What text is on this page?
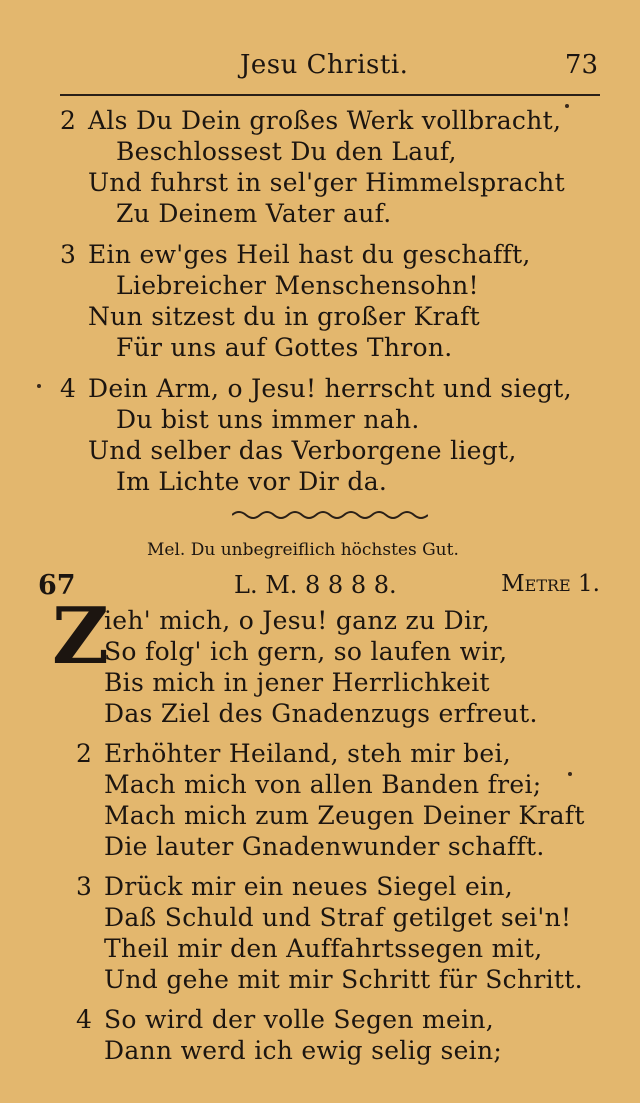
Jesu Christi.	73
2 Als Du Dein großes Werk vollbracht,
Beschlossest Du den Lauf,
Und fuhrst in sel'ger Himmelspracht
Zu Deinem Vater auf.
3 Ein ew'ges Heil hast du geschafft,
Liebreicher Menschensohn!
Nun sitzest du in großer Kraft
Für uns auf Gottes Thron.
4 Dein Arm, o Jesu! herrscht und siegt,
Du bist uns immer nah.
Und selber das Verborgene liegt,
Im Lichte vor Dir da.
Mel. Du unbegreiflich höchstes Gut.
67	L. M. 8 8 8 8.	Metre 1.
Z
ieh' mich, o Jesu! ganz zu Dir,
So folg' ich gern, so laufen wir,
Bis mich in jener Herrlichkeit
Das Ziel des Gnadenzugs erfreut.
2 Erhöhter Heiland, steh mir bei,
Mach mich von allen Banden frei;
Mach mich zum Zeugen Deiner Kraft
Die lauter Gnadenwunder schafft.
3 Drück mir ein neues Siegel ein,
Daß Schuld und Straf getilget sei'n!
Theil mir den Auffahrtssegen mit,
Und gehe mit mir Schritt für Schritt.
4 So wird der volle Segen mein,
Dann werd ich ewig selig sein;
